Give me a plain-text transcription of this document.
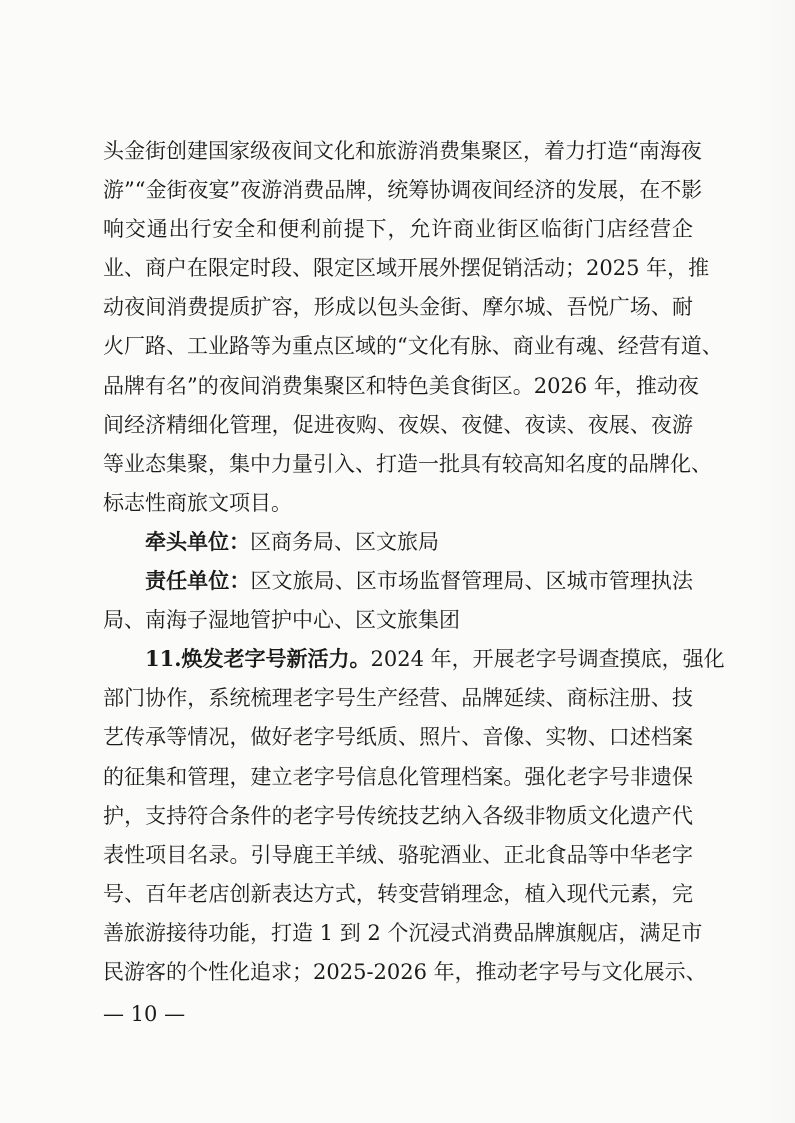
头金街创建国家级夜间文化和旅游消费集聚区，着力打造“南海夜
游”“金街夜宴”夜游消费品牌，统筹协调夜间经济的发展，在不影
响交通出行安全和便利前提下，允许商业街区临街门店经营企
业、商户在限定时段、限定区域开展外摆促销活动；2025 年，推
动夜间消费提质扩容，形成以包头金街、摩尔城、吾悦广场、耐
火厂路、工业路等为重点区域的“文化有脉、商业有魂、经营有道、
品牌有名”的夜间消费集聚区和特色美食街区。2026 年，推动夜
间经济精细化管理，促进夜购、夜娱、夜健、夜读、夜展、夜游
等业态集聚，集中力量引入、打造一批具有较高知名度的品牌化、
标志性商旅文项目。
牵头单位：区商务局、区文旅局
责任单位：区文旅局、区市场监督管理局、区城市管理执法
局、南海子湿地管护中心、区文旅集团
11.焕发老字号新活力。2024 年，开展老字号调查摸底，强化
部门协作，系统梳理老字号生产经营、品牌延续、商标注册、技
艺传承等情况，做好老字号纸质、照片、音像、实物、口述档案
的征集和管理，建立老字号信息化管理档案。强化老字号非遗保
护，支持符合条件的老字号传统技艺纳入各级非物质文化遗产代
表性项目名录。引导鹿王羊绒、骆驼酒业、正北食品等中华老字
号、百年老店创新表达方式，转变营销理念，植入现代元素，完
善旅游接待功能，打造 1 到 2 个沉浸式消费品牌旗舰店，满足市
民游客的个性化追求；2025-2026 年，推动老字号与文化展示、
— 10 —
